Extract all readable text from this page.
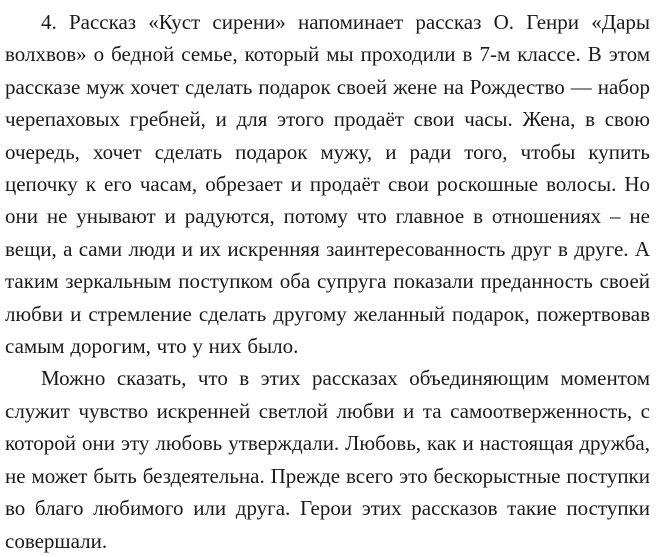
4. Рассказ «Куст сирени» напоминает рассказ О. Генри «Дары волхвов» о бедной семье, который мы проходили в 7-м классе. В этом рассказе муж хочет сделать подарок своей жене на Рождество — набор черепаховых гребней, и для этого продаёт свои часы. Жена, в свою очередь, хочет сделать подарок мужу, и ради того, чтобы купить цепочку к его часам, обрезает и продаёт свои роскошные волосы. Но они не унывают и радуются, потому что главное в отношениях – не вещи, а сами люди и их искренняя заинтересованность друг в друге. А таким зеркальным поступком оба супруга показали преданность своей любви и стремление сделать другому желанный подарок, пожертвовав самым дорогим, что у них было.

Можно сказать, что в этих рассказах объединяющим моментом служит чувство искренней светлой любви и та самоотверженность, с которой они эту любовь утверждали. Любовь, как и настоящая дружба, не может быть бездеятельна. Прежде всего это бескорыстные поступки во благо любимого или друга. Герои этих рассказов такие поступки совершали.
